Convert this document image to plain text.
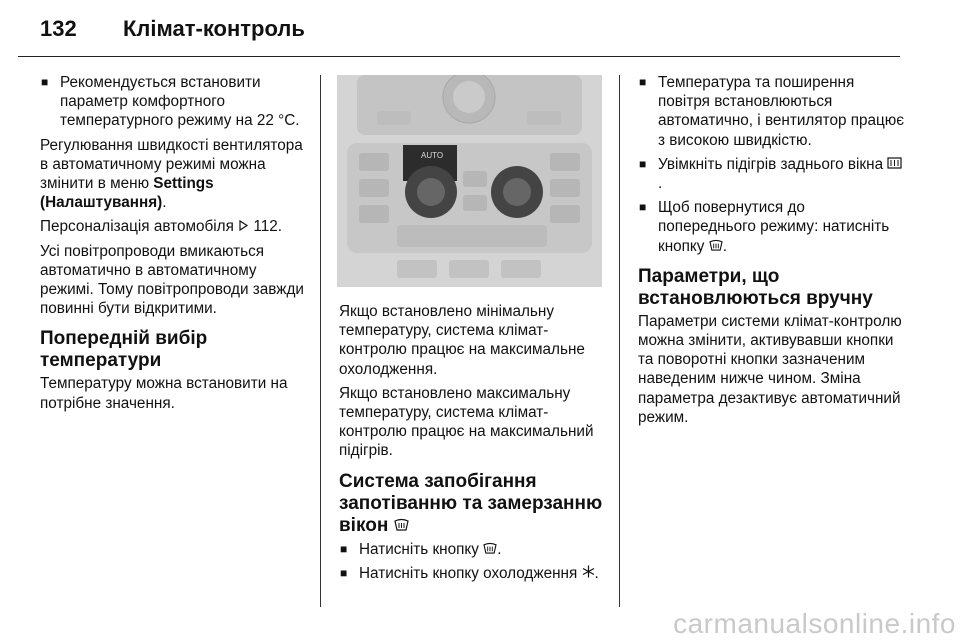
132 Клімат-контроль
■ Рекомендується встановити параметр комфортного температурного режиму на 22 °C.

Регулювання швидкості вентилятора в автоматичному режимі можна змінити в меню Settings (Налаштування).

Персоналізація автомобіля 112.

Усі повітропроводи вмикаються автоматично в автоматичному режимі. Тому повітропроводи завжди повинні бути відкритими.

Попередній вибір температури

Температуру можна встановити на потрібне значення.

AUTO

Якщо встановлено мінімальну температуру, система клімат-контролю працює на максимальне охолодження.

Якщо встановлено максимальну температуру, система клімат-контролю працює на максимальний підігрів.

Система запобігання запотіванню та замерзанню вікон
■ Натисніть кнопку .
■ Натисніть кнопку охолодження .
■ Температура та поширення повітря встановлюються автоматично, і вентилятор працює з високою швидкістю.
■ Увімкніть підігрів заднього вікна .
■ Щоб повернутися до попереднього режиму: натисніть кнопку .
Параметри, що встановлюються вручну

Параметри системи клімат-контролю можна змінити, активувавши кнопки та поворотні кнопки зазначеним наведеним нижче чином. Зміна параметра дезактивує автоматичний режим.

carmanualsonline.info
